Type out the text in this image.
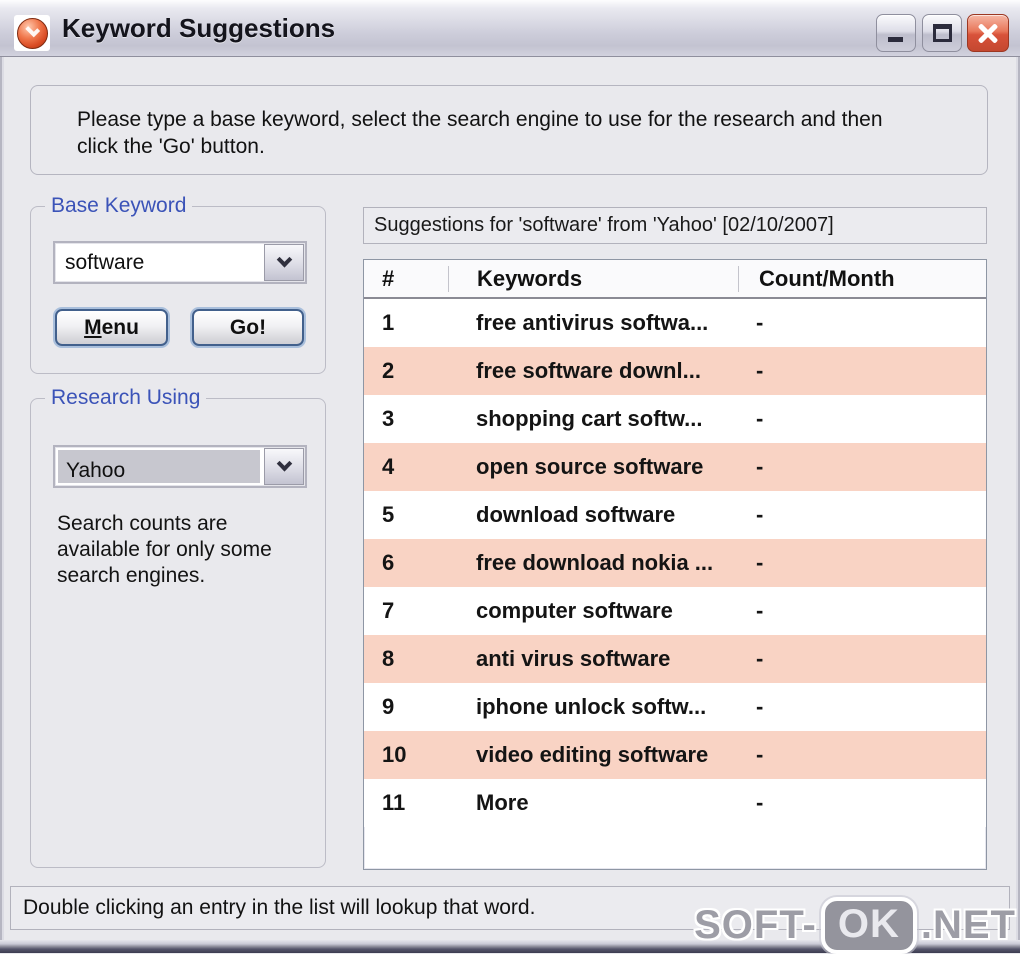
Keyword Suggestions
Please type a base keyword, select the search engine to use for the research and then click the 'Go' button.
Base Keyword
software
Menu	Go!
Research Using
Yahoo
Search counts are available for only some search engines.
Suggestions for 'software' from 'Yahoo' [02/10/2007]
#	Keywords	Count/Month
1	free antivirus softwa...	-
2	free software downl...	-
3	shopping cart softw...	-
4	open source software	-
5	download software	-
6	free download nokia ...	-
7	computer software	-
8	anti virus software	-
9	iphone unlock softw...	-
10	video editing software	-
11	More	-
Double clicking an entry in the list will lookup that word.	SOFT- OK .NET
